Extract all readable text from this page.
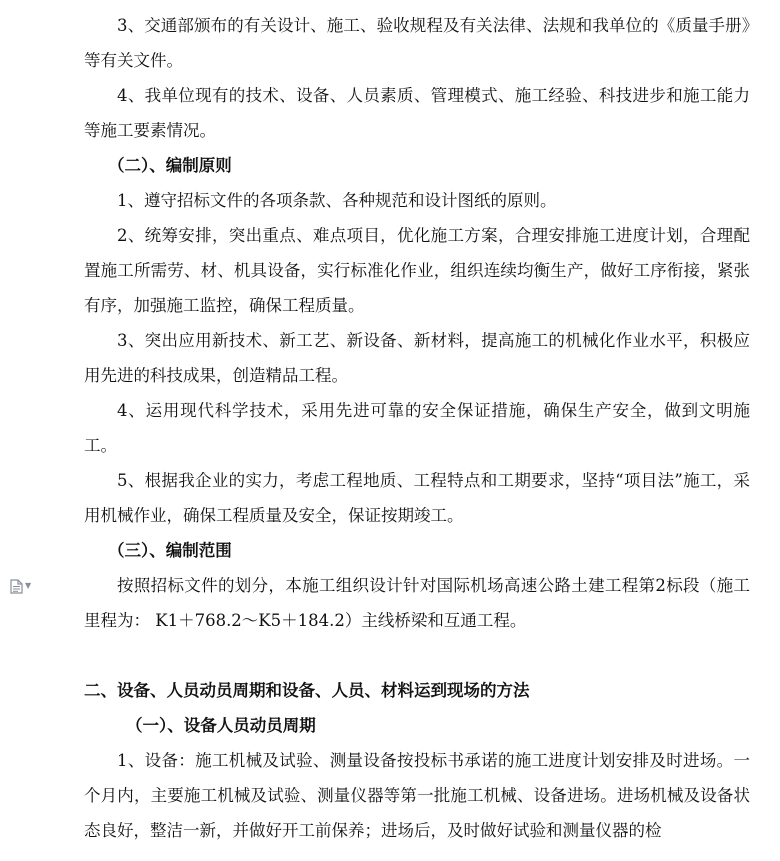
▼

3、交通部颁布的有关设计、施工、验收规程及有关法律、法规和我单位的《质量手册》等有关文件。

4、我单位现有的技术、设备、人员素质、管理模式、施工经验、科技进步和施工能力等施工要素情况。

（二）、编制原则

1、遵守招标文件的各项条款、各种规范和设计图纸的原则。

2、统筹安排，突出重点、难点项目，优化施工方案，合理安排施工进度计划，合理配置施工所需劳、材、机具设备，实行标准化作业，组织连续均衡生产，做好工序衔接，紧张有序，加强施工监控，确保工程质量。

3、突出应用新技术、新工艺、新设备、新材料，提高施工的机械化作业水平，积极应用先进的科技成果，创造精品工程。

4、运用现代科学技术，采用先进可靠的安全保证措施，确保生产安全，做到文明施工。

5、根据我企业的实力，考虑工程地质、工程特点和工期要求，坚持“项目法”施工，采用机械作业，确保工程质量及安全，保证按期竣工。

（三）、编制范围

按照招标文件的划分，本施工组织设计针对国际机场高速公路土建工程第2标段（施工里程为： K1＋768.2～K5＋184.2）主线桥梁和互通工程。

二、设备、人员动员周期和设备、人员、材料运到现场的方法

（一）、设备人员动员周期

1、设备：施工机械及试验、测量设备按投标书承诺的施工进度计划安排及时进场。一个月内，主要施工机械及试验、测量仪器等第一批施工机械、设备进场。进场机械及设备状态良好，整洁一新，并做好开工前保养；进场后，及时做好试验和测量仪器的检
